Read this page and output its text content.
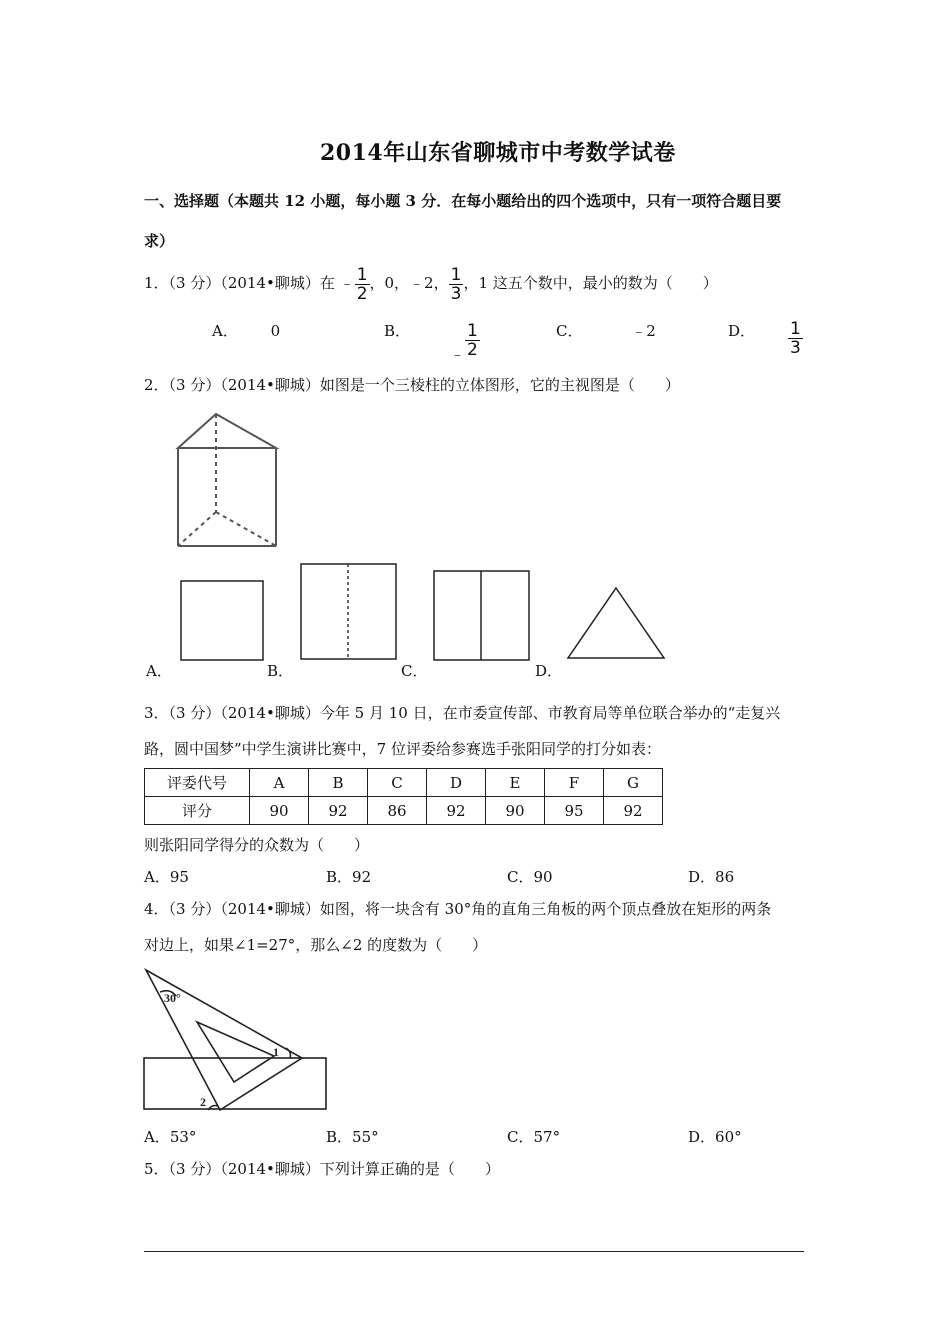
2014年山东省聊城市中考数学试卷
一、选择题（本题共 12 小题，每小题 3 分．在每小题给出的四个选项中，只有一项符合题目要
求）
1．（3 分）（2014•聊城）在 ﹣ $\frac{1}{2}$ ，0，﹣2， $\frac{1}{3}$ ，1 这五个数中，最小的数为（　　）
A． 0	B．
﹣ $\frac{1}{2}$	C．	﹣2	D． $\frac{1}{3}$
2．（3 分）（2014•聊城）如图是一个三棱柱的立体图形，它的主视图是（　　）
A．	B．	C．	D．
3．（3 分）（2014•聊城）今年 5 月 10 日，在市委宣传部、市教育局等单位联合举办的“走复兴
路，圆中国梦”中学生演讲比赛中，7 位评委给参赛选手张阳同学的打分如表：
评委代号	A	B	C	D	E	F	G
评分	90	92	86	92	90	95	92
则张阳同学得分的众数为（　　）
A．95	B．92	C．90	D．86
4．（3 分）（2014•聊城）如图，将一块含有 30°角的直角三角板的两个顶点叠放在矩形的两条
对边上，如果∠1=27°，那么∠2 的度数为（　　）
30°
1
2
A．53°	B．55°	C．57°	D．60°
5．（3 分）（2014•聊城）下列计算正确的是（　　）
